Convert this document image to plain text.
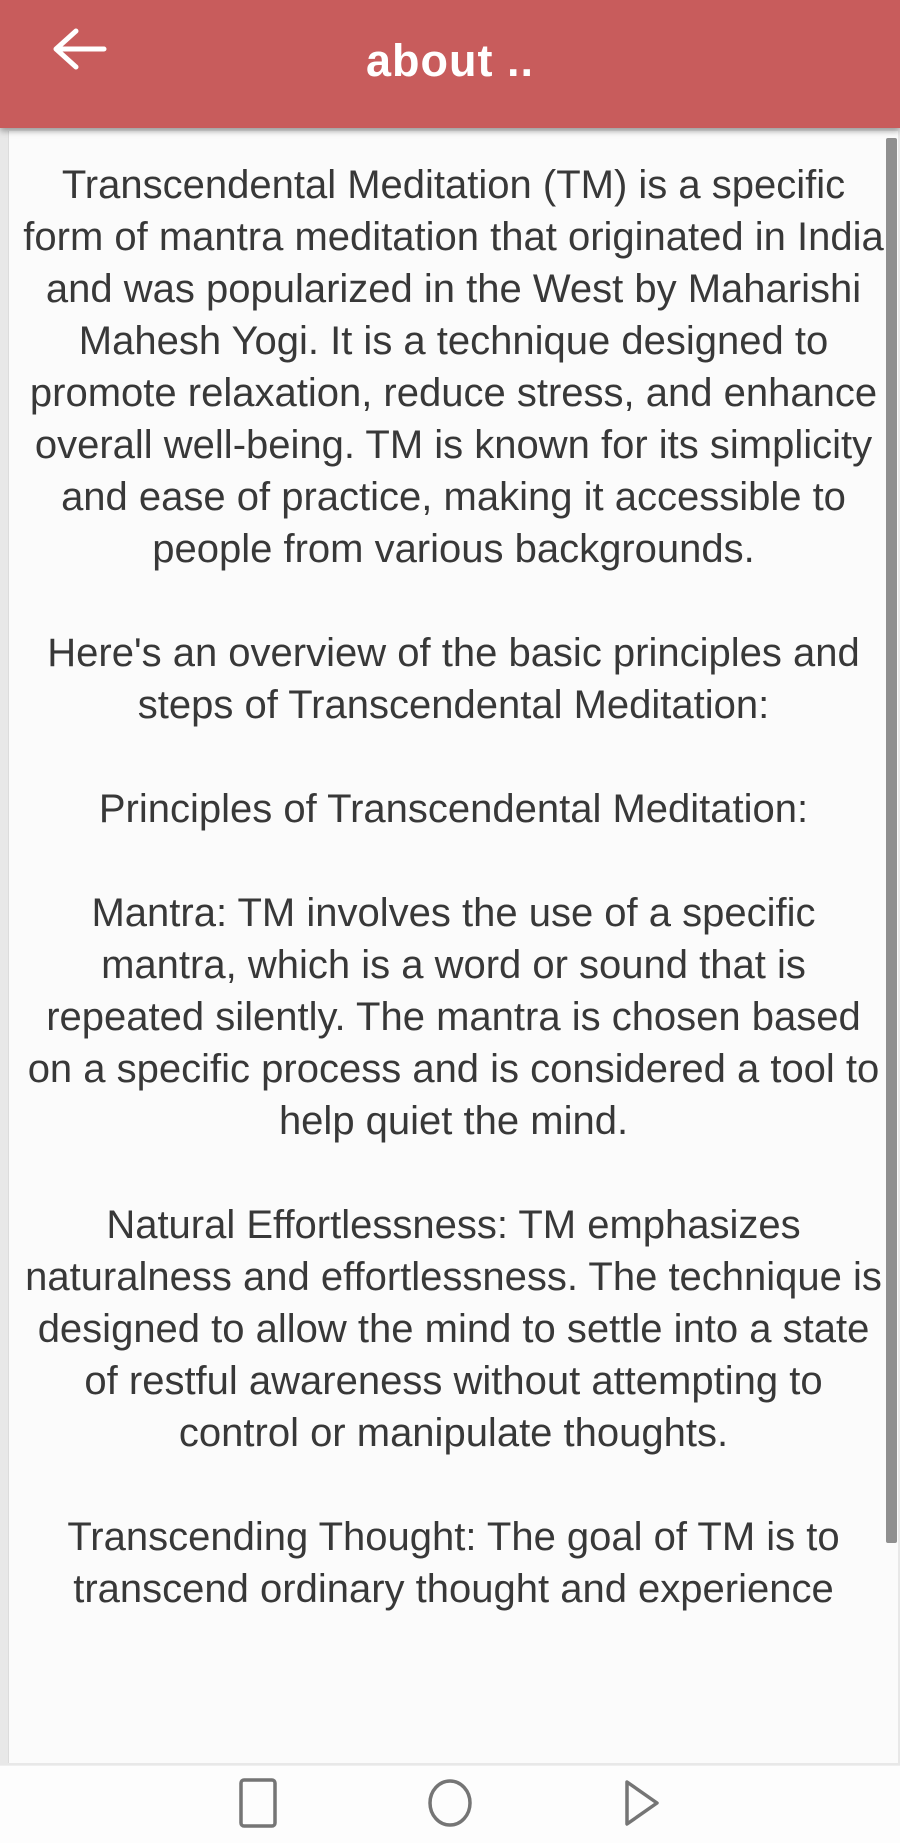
about ..

Transcendental Meditation (TM) is a specific form of mantra meditation that originated in India and was popularized in the West by Maharishi Mahesh Yogi. It is a technique designed to promote relaxation, reduce stress, and enhance overall well-being. TM is known for its simplicity and ease of practice, making it accessible to people from various backgrounds.

Here's an overview of the basic principles and steps of Transcendental Meditation:

Principles of Transcendental Meditation:

Mantra: TM involves the use of a specific mantra, which is a word or sound that is repeated silently. The mantra is chosen based on a specific process and is considered a tool to help quiet the mind.

Natural Effortlessness: TM emphasizes naturalness and effortlessness. The technique is designed to allow the mind to settle into a state of restful awareness without attempting to control or manipulate thoughts.

Transcending Thought: The goal of TM is to transcend ordinary thought and experience
